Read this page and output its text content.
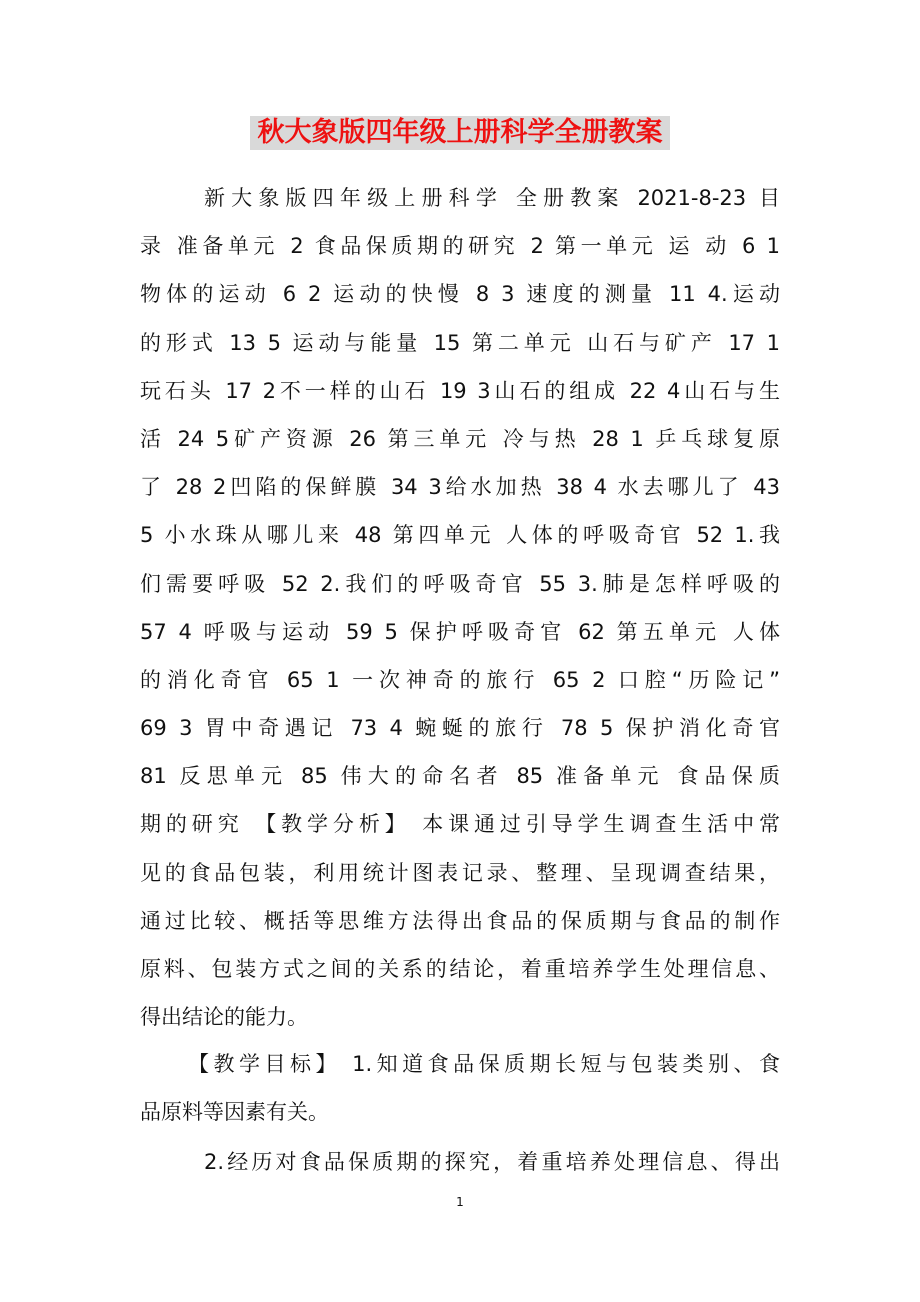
秋大象版四年级上册科学全册教案
新大象版四年级上册科学 全册教案 2021-8-23 目
录 准备单元 2 食品保质期的研究 2 第一单元 运 动 6 1
物体的运动 6 2 运动的快慢 8 3 速度的测量 11 4.运动
的形式 13 5 运动与能量 15 第二单元 山石与矿产 17 1
玩石头 17 2不一样的山石 19 3山石的组成 22 4山石与生
活 24 5矿产资源 26 第三单元 冷与热 28 1 乒乓球复原
了 28 2凹陷的保鲜膜 34 3给水加热 38 4 水去哪儿了 43
5 小水珠从哪儿来 48 第四单元 人体的呼吸奇官 52 1.我
们需要呼吸 52 2.我们的呼吸奇官 55 3.肺是怎样呼吸的
57 4 呼吸与运动 59 5 保护呼吸奇官 62 第五单元 人体
的消化奇官 65 1 一次神奇的旅行 65 2 口腔“历险记”
69 3 胃中奇遇记 73 4 蜿蜒的旅行 78 5 保护消化奇官
81 反思单元 85 伟大的命名者 85 准备单元 食品保质
期的研究 【教学分析】 本课通过引导学生调查生活中常
见的食品包装，利用统计图表记录、整理、呈现调查结果，
通过比较、概括等思维方法得出食品的保质期与食品的制作
原料、包装方式之间的关系的结论，着重培养学生处理信息、
得出结论的能力。
【教学目标】 1.知道食品保质期长短与包装类别、食
品原料等因素有关。
2.经历对食品保质期的探究，着重培养处理信息、得出
1
